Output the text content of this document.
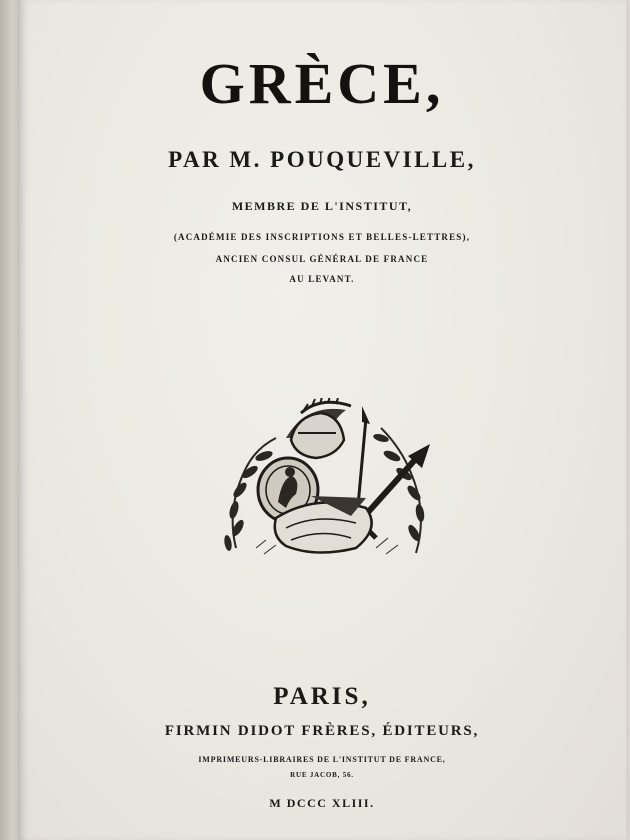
GRÈCE,
PAR M. POUQUEVILLE,
MEMBRE DE L'INSTITUT,
(ACADÉMIE DES INSCRIPTIONS ET BELLES-LETTRES),
ANCIEN CONSUL GÉNÉRAL DE FRANCE
AU LEVANT.
PARIS,
FIRMIN DIDOT FRÈRES, ÉDITEURS,
IMPRIMEURS-LIBRAIRES DE L'INSTITUT DE FRANCE,
RUE JACOB, 56.
M DCCC XLIII.
